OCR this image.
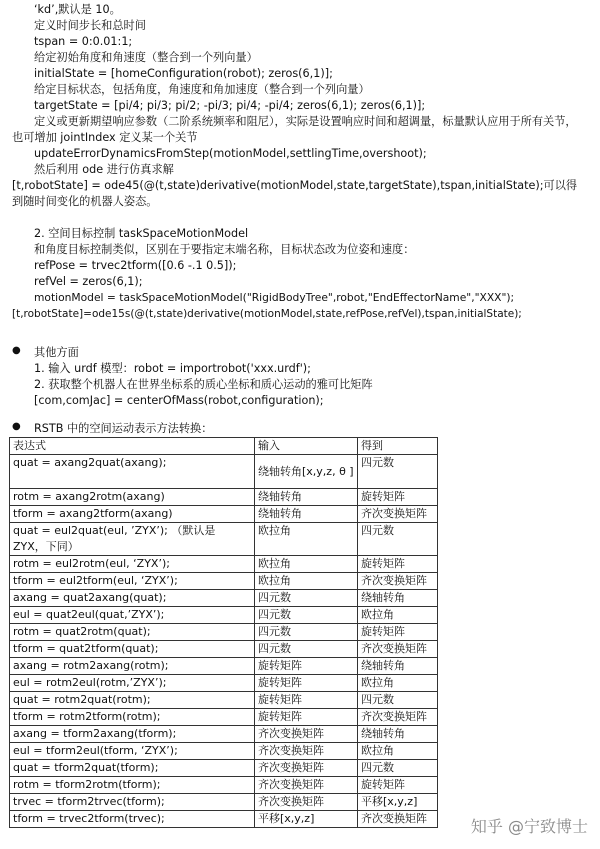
‘kd’,默认是 10。
定义时间步长和总时间
tspan = 0:0.01:1;
给定初始角度和角速度（整合到一个列向量）
initialState = [homeConfiguration(robot); zeros(6,1)];
给定目标状态，包括角度，角速度和角加速度（整合到一个列向量）
targetState = [pi/4; pi/3; pi/2; -pi/3; pi/4; -pi/4; zeros(6,1); zeros(6,1)];
定义或更新期望响应参数（二阶系统频率和阻尼），实际是设置响应时间和超调量，标量默认应用于所有关节，也可增加 jointIndex 定义某一个关节
updateErrorDynamicsFromStep(motionModel,settlingTime,overshoot);
然后利用 ode 进行仿真求解
[t,robotState] = ode45(@(t,state)derivative(motionModel,state,targetState),tspan,initialState);可以得到随时间变化的机器人姿态。
2. 空间目标控制 taskSpaceMotionModel
和角度目标控制类似，区别在于要指定末端名称，目标状态改为位姿和速度：
refPose = trvec2tform([0.6 -.1 0.5]);
refVel = zeros(6,1);
motionModel = taskSpaceMotionModel("RigidBodyTree",robot,"EndEffectorName","XXX");
[t,robotState]=ode15s(@(t,state)derivative(motionModel,state,refPose,refVel),tspan,initialState);
● 其他方面
1. 输入 urdf 模型：robot = importrobot('xxx.urdf');
2. 获取整个机器人在世界坐标系的质心坐标和质心运动的雅可比矩阵
[com,comJac] = centerOfMass(robot,configuration);
● RSTB 中的空间运动表示方法转换：
表达式	输入	得到
quat = axang2quat(axang);	绕轴转角[x,y,z, θ ]	四元数
rotm = axang2rotm(axang)	绕轴转角	旋转矩阵
tform = axang2tform(axang)	绕轴转角	齐次变换矩阵
quat = eul2quat(eul, ’ZYX’); （默认是 ZYX，下同）	欧拉角	四元数
rotm = eul2rotm(eul, ‘ZYX’);	欧拉角	旋转矩阵
tform = eul2tform(eul, ‘ZYX’);	欧拉角	齐次变换矩阵
axang = quat2axang(quat);	四元数	绕轴转角
eul = quat2eul(quat,’ZYX’);	四元数	欧拉角
rotm = quat2rotm(quat);	四元数	旋转矩阵
tform = quat2tform(quat);	四元数	齐次变换矩阵
axang = rotm2axang(rotm);	旋转矩阵	绕轴转角
eul = rotm2eul(rotm,’ZYX’);	旋转矩阵	欧拉角
quat = rotm2quat(rotm);	旋转矩阵	四元数
tform = rotm2tform(rotm);	旋转矩阵	齐次变换矩阵
axang = tform2axang(tform);	齐次变换矩阵	绕轴转角
eul = tform2eul(tform, ‘ZYX’);	齐次变换矩阵	欧拉角
quat = tform2quat(tform);	齐次变换矩阵	四元数
rotm = tform2rotm(tform);	齐次变换矩阵	旋转矩阵
trvec = tform2trvec(tform);	齐次变换矩阵	平移[x,y,z]
tform = trvec2tform(trvec);	平移[x,y,z]	齐次变换矩阵	知乎 @宁致博士
